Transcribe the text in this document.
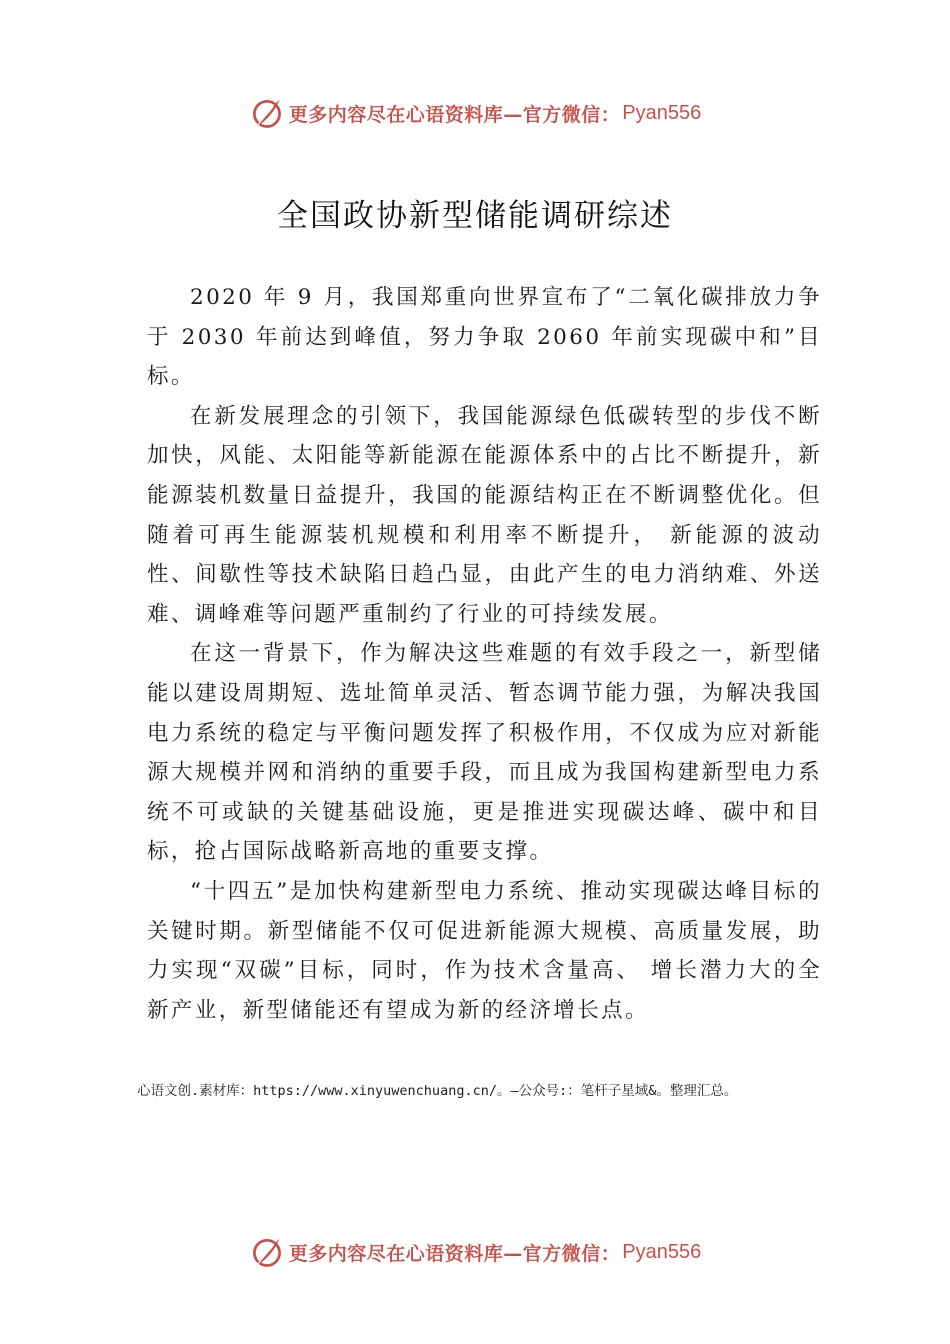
更多内容尽在心语资料库—官方微信： Pyan556
全国政协新型储能调研综述

2020 年 9 月，我国郑重向世界宣布了“二氧化碳排放力争于 2030 年前达到峰值，努力争取 2060 年前实现碳中和”目标。

在新发展理念的引领下，我国能源绿色低碳转型的步伐不断加快，风能、太阳能等新能源在能源体系中的占比不断提升，新能源装机数量日益提升，我国的能源结构正在不断调整优化。但随着可再生能源装机规模和利用率不断提升， 新能源的波动性、间歇性等技术缺陷日趋凸显，由此产生的电力消纳难、外送难、调峰难等问题严重制约了行业的可持续发展。

在这一背景下，作为解决这些难题的有效手段之一，新型储能以建设周期短、选址简单灵活、暂态调节能力强，为解决我国电力系统的稳定与平衡问题发挥了积极作用，不仅成为应对新能源大规模并网和消纳的重要手段，而且成为我国构建新型电力系统不可或缺的关键基础设施，更是推进实现碳达峰、碳中和目标，抢占国际战略新高地的重要支撑。

“十四五”是加快构建新型电力系统、推动实现碳达峰目标的关键时期。新型储能不仅可促进新能源大规模、高质量发展，助力实现“双碳”目标，同时，作为技术含量高、 增长潜力大的全新产业，新型储能还有望成为新的经济增长点。

心语文创.素材库：https://www.xinyuwenchuang.cn/。—公众号:：笔杆子星域&。整理汇总。
更多内容尽在心语资料库—官方微信： Pyan556
